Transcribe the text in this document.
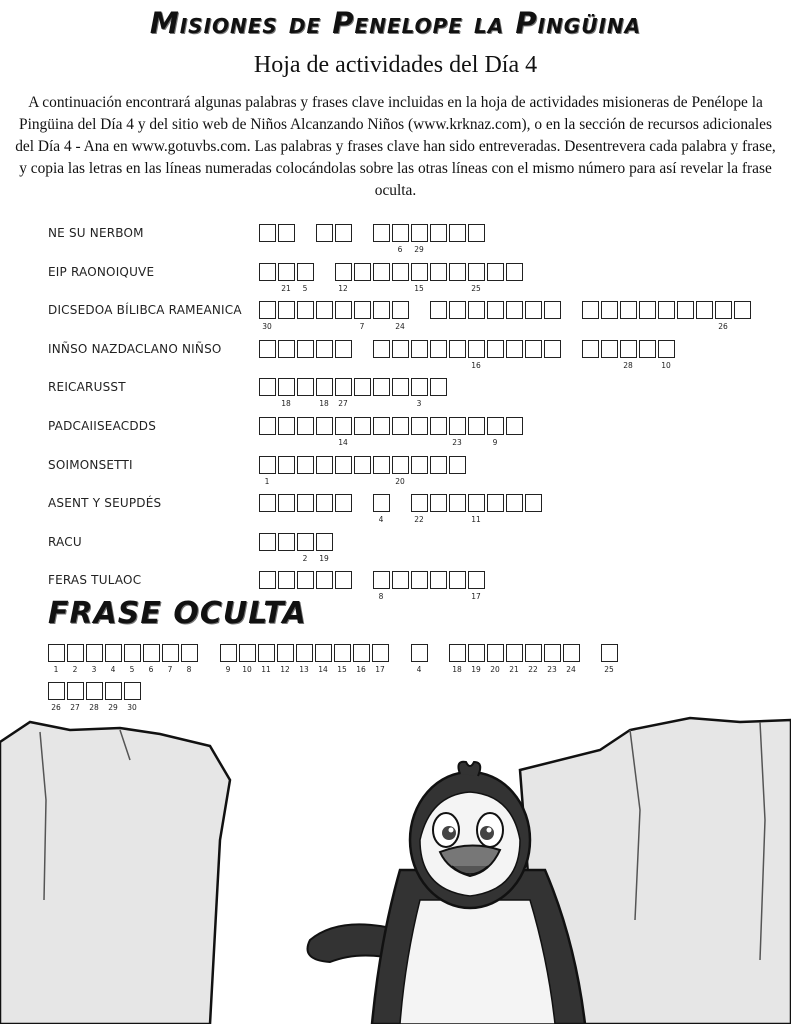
Misiones de Penelope la Pingüina
Hoja de actividades del Día 4
A continuación encontrará algunas palabras y frases clave incluidas en la hoja de actividades misioneras de Penélope la Pingüina del Día 4 y del sitio web de Niños Alcanzando Niños (www.krknaz.com), o en la sección de recursos adicionales del Día 4 - Ana en www.gotuvbs.com. Las palabras y frases clave han sido entreveradas. Desentrevera cada palabra y frase, y copia las letras en las líneas numeradas colocándolas sobre las otras líneas con el mismo número para así revelar la frase oculta.
NE SU NERBOM
6	29
EIP RAONOIQUVE
21	5	12	15	25
DICSEDOA BÍLIBCA RAMEANICA
30	7	24	26
INÑSO NAZDACLANO NIÑSO
16	28	10
REICARUSST
18	18	27	3
PADCAIISEACDDS
14	23	9
SOIMONSETTI
1	20
ASENT Y SEUPDÉS
4	22	11
RACU
2	19
FERAS TULAOC
8	17
FRASE OCULTA
1	2	3	4	5	6	7	8	9	10	11	12	13	14	15	16	17	4	18	19	20	21	22	23	24	25
26	27	28	29	30
